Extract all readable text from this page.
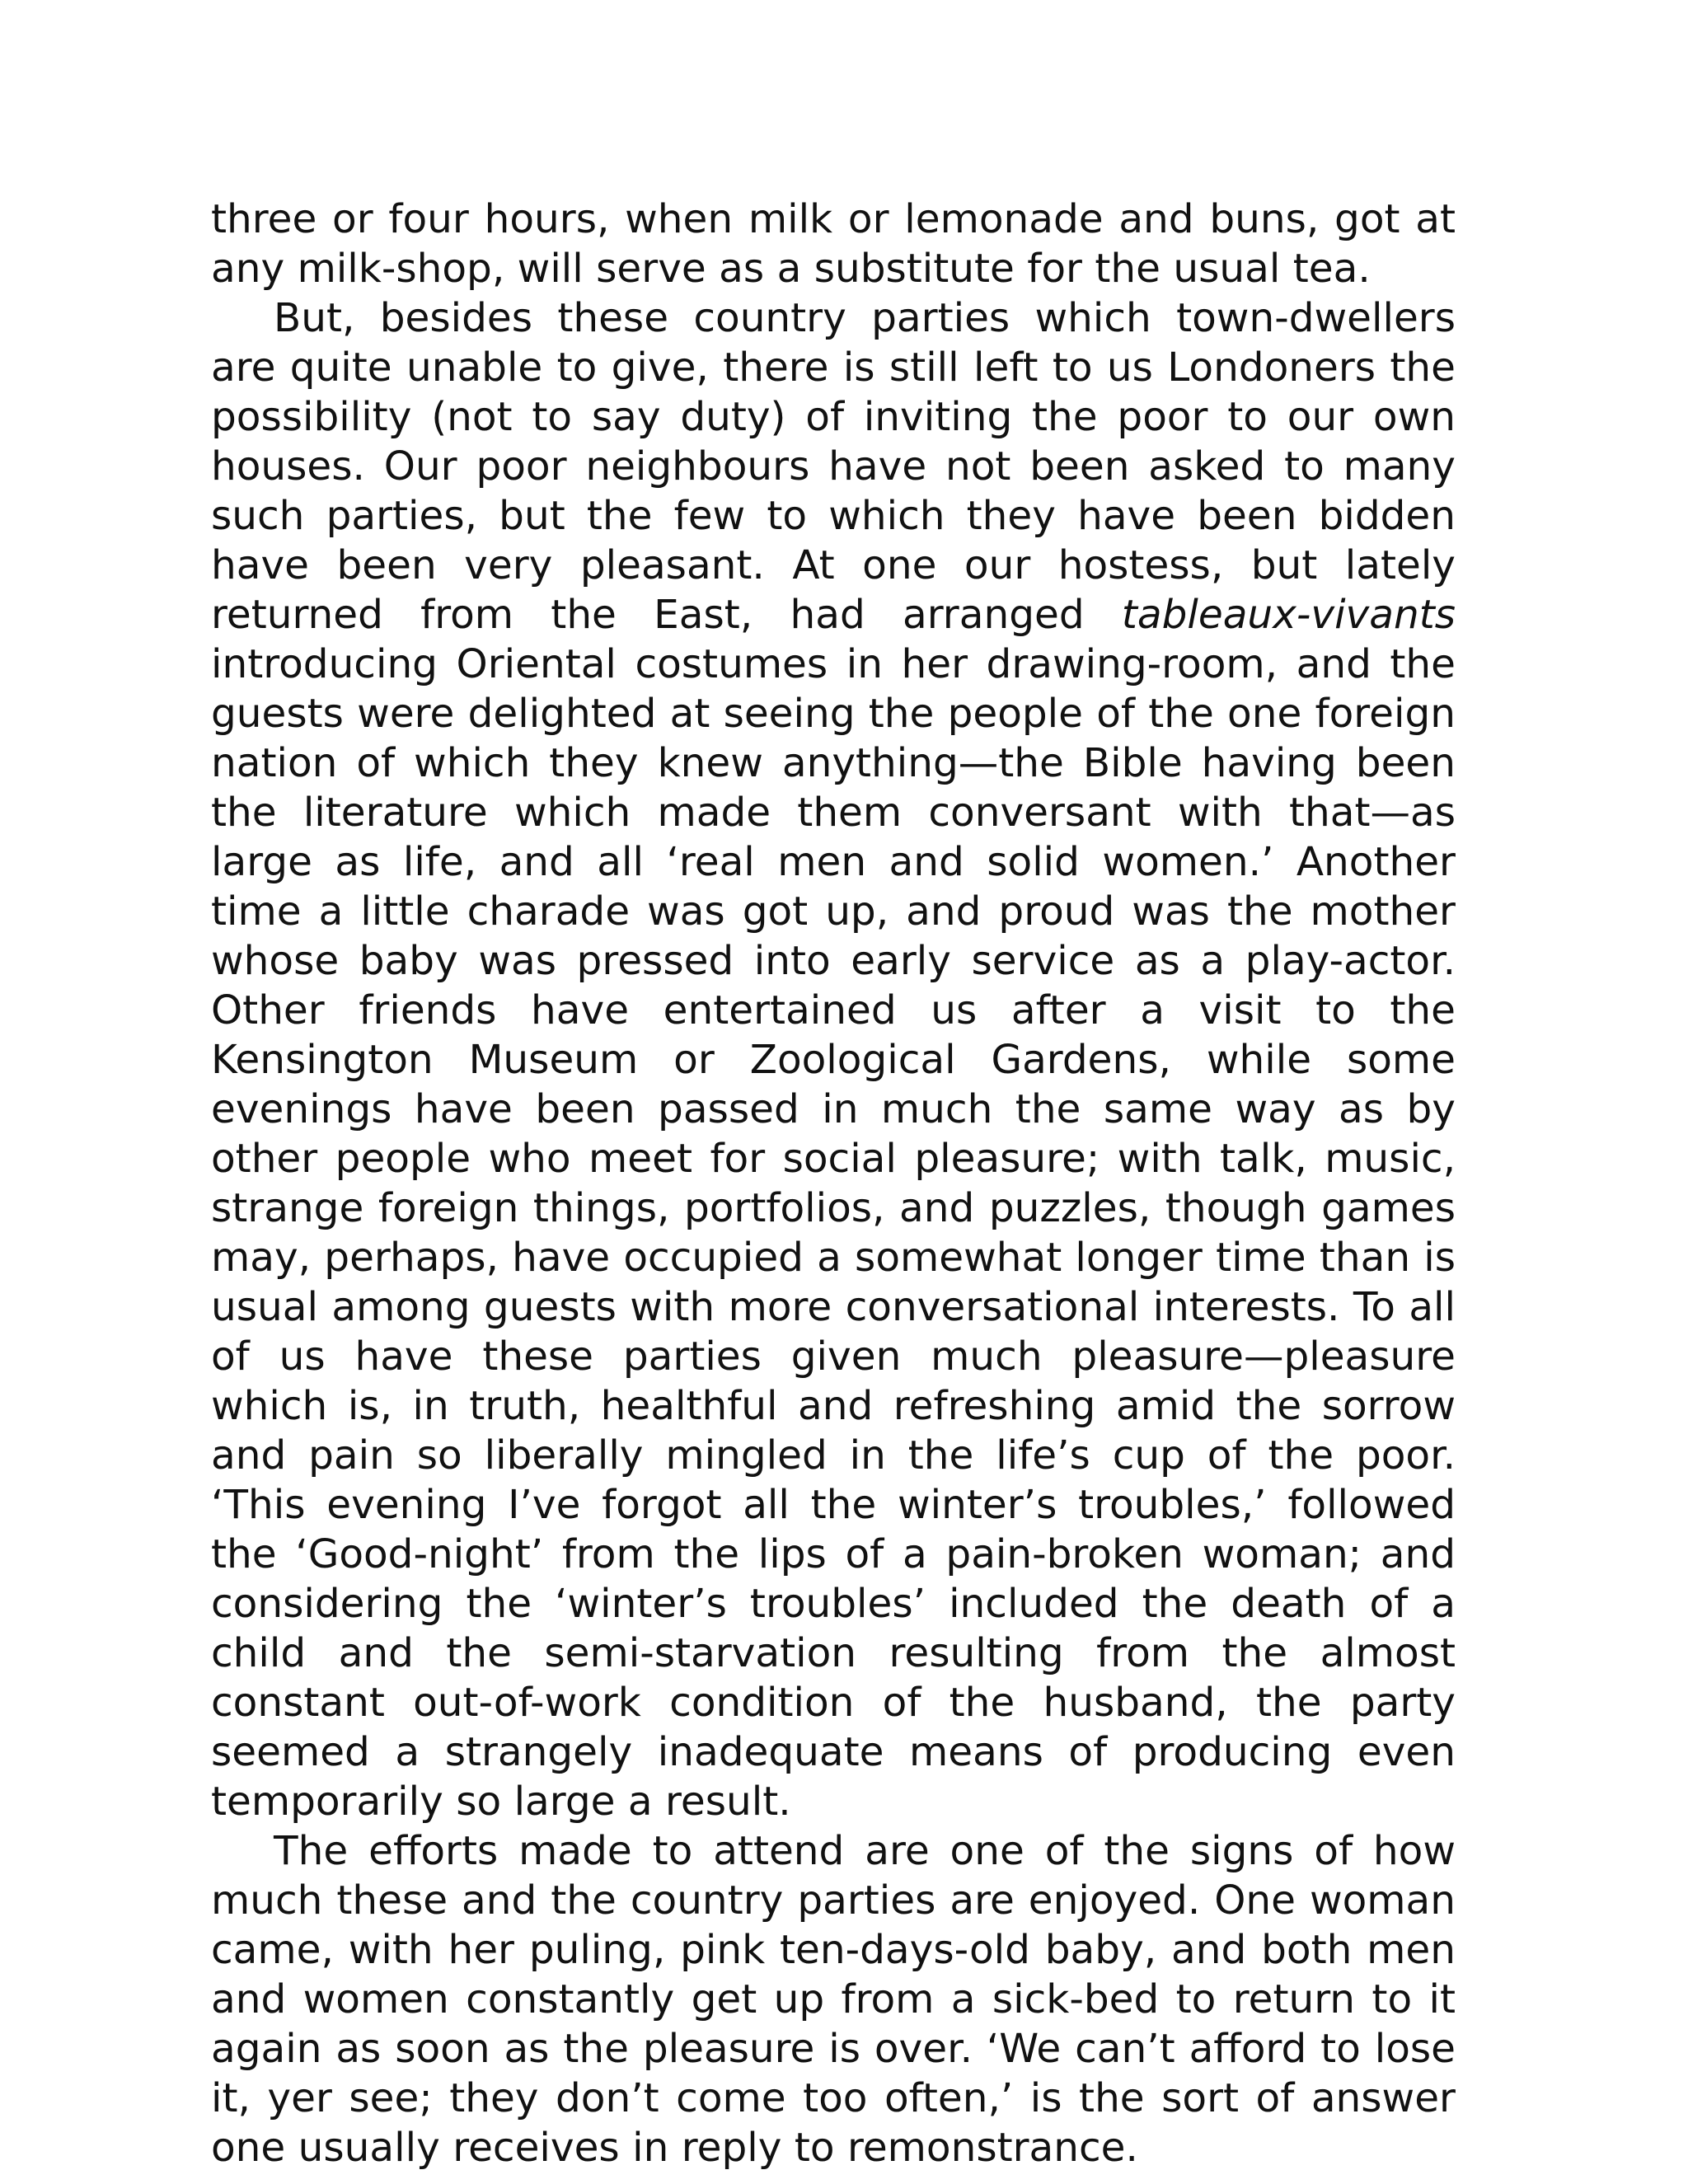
three or four hours, when milk or lemonade and buns, got at any milk-shop, will serve as a substitute for the usual tea.

But, besides these country parties which town-dwellers are quite unable to give, there is still left to us Londoners the possibility (not to say duty) of inviting the poor to our own houses. Our poor neighbours have not been asked to many such parties, but the few to which they have been bidden have been very pleasant. At one our hostess, but lately returned from the East, had arranged tableaux-vivants introducing Oriental costumes in her drawing-room, and the guests were delighted at seeing the people of the one foreign nation of which they knew anything—the Bible having been the literature which made them conversant with that—as large as life, and all ‘real men and solid women.’ Another time a little charade was got up, and proud was the mother whose baby was pressed into early service as a play-actor. Other friends have entertained us after a visit to the Kensington Museum or Zoological Gardens, while some evenings have been passed in much the same way as by other people who meet for social pleasure; with talk, music, strange foreign things, portfolios, and puzzles, though games may, perhaps, have occupied a somewhat longer time than is usual among guests with more conversational interests. To all of us have these parties given much pleasure—pleasure which is, in truth, healthful and refreshing amid the sorrow and pain so liberally mingled in the life’s cup of the poor. ‘This evening I’ve forgot all the winter’s troubles,’ followed the ‘Good-night’ from the lips of a pain-broken woman; and considering the ‘winter’s troubles’ included the death of a child and the semi-starvation resulting from the almost constant out-of-work condition of the husband, the party seemed a strangely inadequate means of producing even temporarily so large a result.

The efforts made to attend are one of the signs of how much these and the country parties are enjoyed. One woman came, with her puling, pink ten-days-old baby, and both men and women constantly get up from a sick-bed to return to it again as soon as the pleasure is over. ‘We can’t afford to lose it, yer see; they don’t come too often,’ is the sort of answer one usually receives in reply to remonstrance.
